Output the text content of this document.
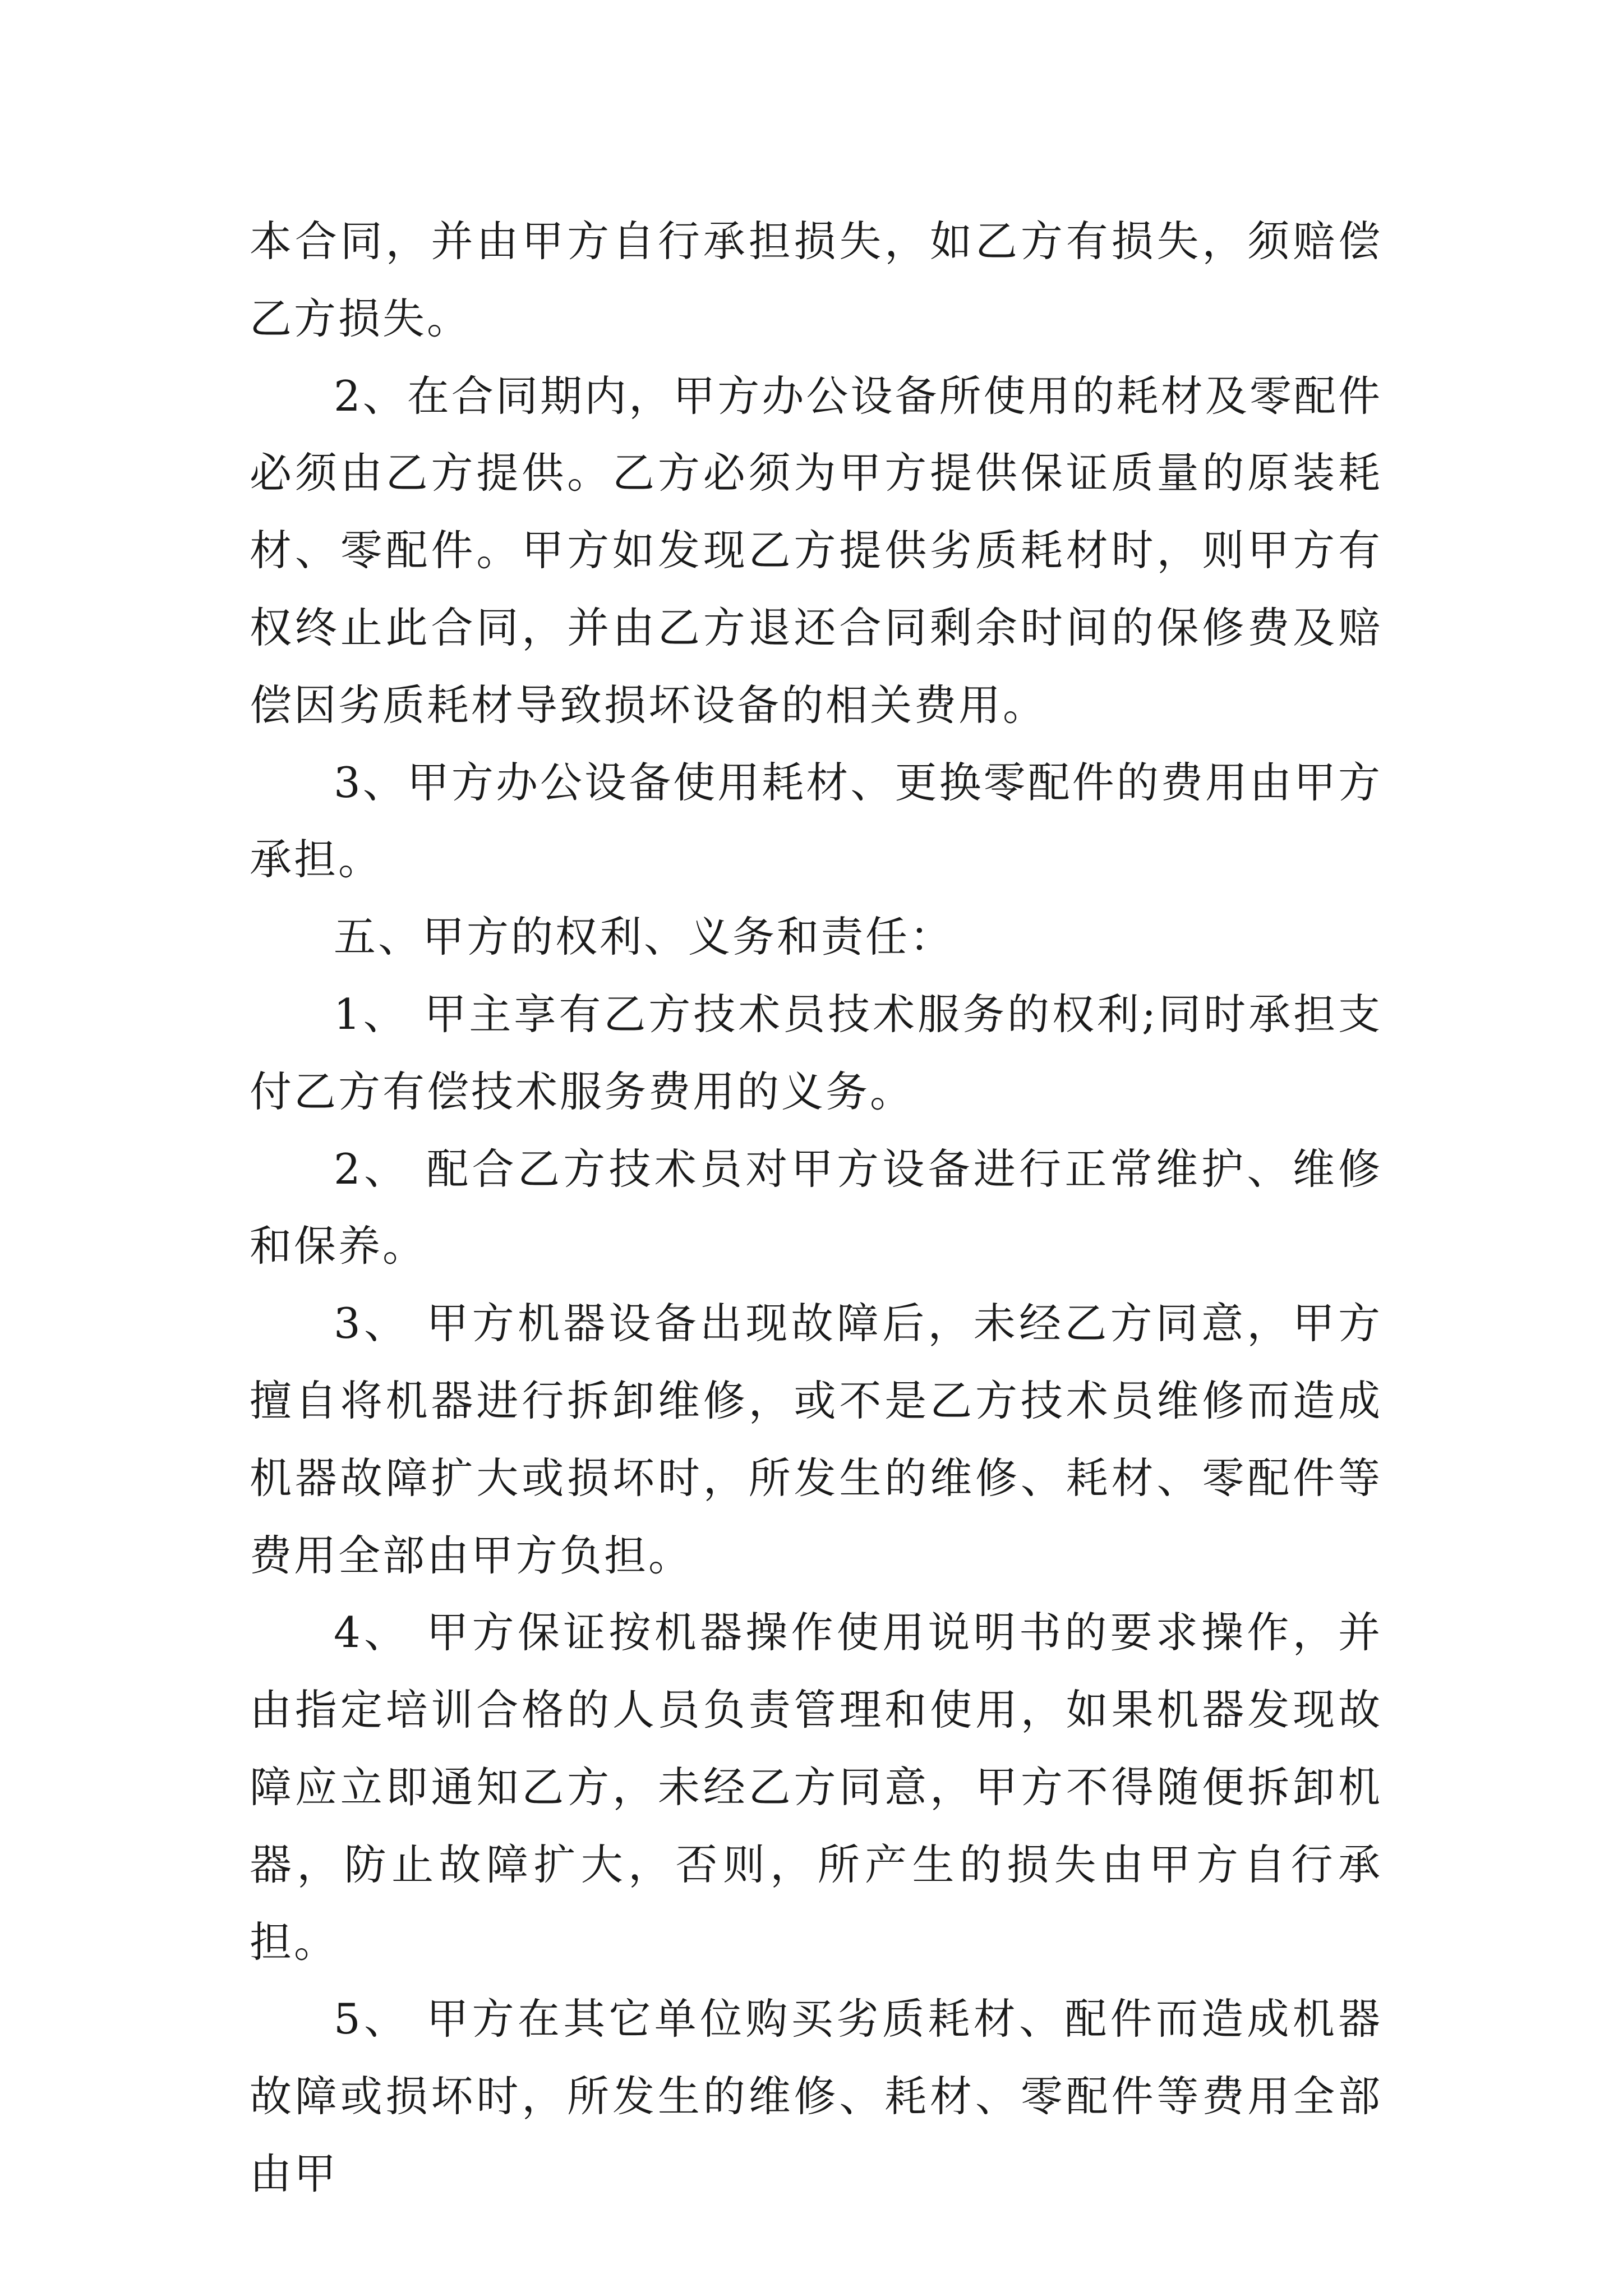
本合同，并由甲方自行承担损失，如乙方有损失，须赔偿乙方损失。

2、在合同期内，甲方办公设备所使用的耗材及零配件必须由乙方提供。乙方必须为甲方提供保证质量的原装耗材、零配件。甲方如发现乙方提供劣质耗材时，则甲方有权终止此合同，并由乙方退还合同剩余时间的保修费及赔偿因劣质耗材导致损坏设备的相关费用。

3、甲方办公设备使用耗材、更换零配件的费用由甲方承担。

五、甲方的权利、义务和责任：

1、 甲主享有乙方技术员技术服务的权利;同时承担支付乙方有偿技术服务费用的义务。

2、 配合乙方技术员对甲方设备进行正常维护、维修和保养。

3、 甲方机器设备出现故障后，未经乙方同意，甲方擅自将机器进行拆卸维修，或不是乙方技术员维修而造成机器故障扩大或损坏时，所发生的维修、耗材、零配件等费用全部由甲方负担。

4、 甲方保证按机器操作使用说明书的要求操作，并由指定培训合格的人员负责管理和使用，如果机器发现故障应立即通知乙方，未经乙方同意，甲方不得随便拆卸机器，防止故障扩大，否则，所产生的损失由甲方自行承担。

5、 甲方在其它单位购买劣质耗材、配件而造成机器故障或损坏时，所发生的维修、耗材、零配件等费用全部由甲
